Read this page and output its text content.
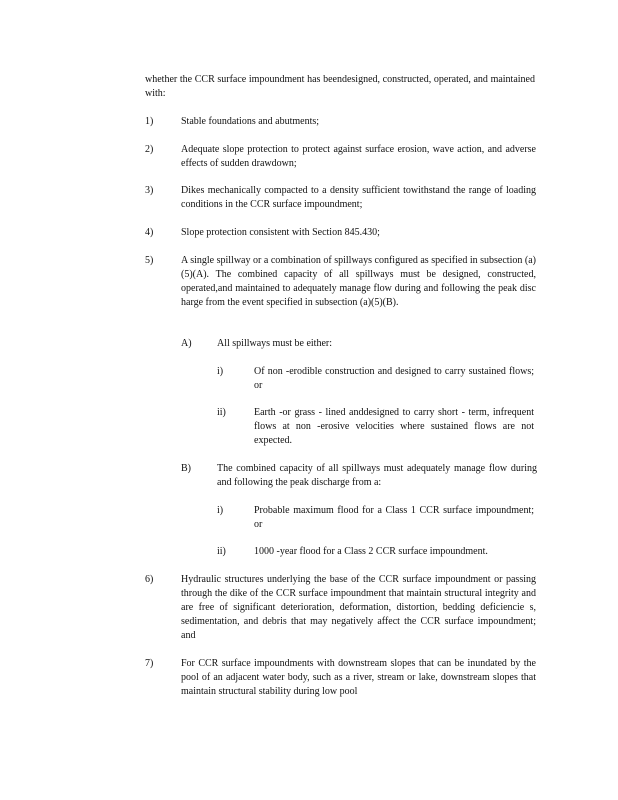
whether the CCR surface impoundment has beendesigned, constructed, operated, and maintained with:
1)	Stable foundations and abutments;
2)	Adequate slope protection to protect against surface erosion, wave action, and adverse effects of sudden drawdown;
3)	Dikes mechanically compacted to a density sufficient towithstand the range of loading conditions in the CCR surface impoundment;
4)	Slope protection consistent with Section 845.430;
5)	A single spillway or a combination of spillways configured as specified in subsection (a)(5)(A). The combined capacity of all spillways must be designed, constructed, operated,and maintained to adequately manage flow during and following the peak disc harge from the event specified in subsection (a)(5)(B).
A)	All spillways must be either:
i)	Of non -erodible construction and designed to carry sustained flows; or
ii)	Earth -or grass - lined anddesigned to carry short - term, infrequent flows at non -erosive velocities where sustained flows are not expected.
B)	The combined capacity of all spillways must adequately manage flow during and following the peak discharge from a:
i)	Probable maximum flood for a Class 1 CCR surface impoundment; or
ii)	1000 -year flood for a Class 2 CCR surface impoundment.
6)	Hydraulic structures underlying the base of the CCR surface impoundment or passing through the dike of the CCR surface impoundment that maintain structural integrity and are free of significant deterioration, deformation, distortion, bedding deficiencie s, sedimentation, and debris that may negatively affect the CCR surface impoundment; and
7)	For CCR surface impoundments with downstream slopes that can be inundated by the pool of an adjacent water body, such as a river, stream or lake, downstream slopes that maintain structural stability during low pool
